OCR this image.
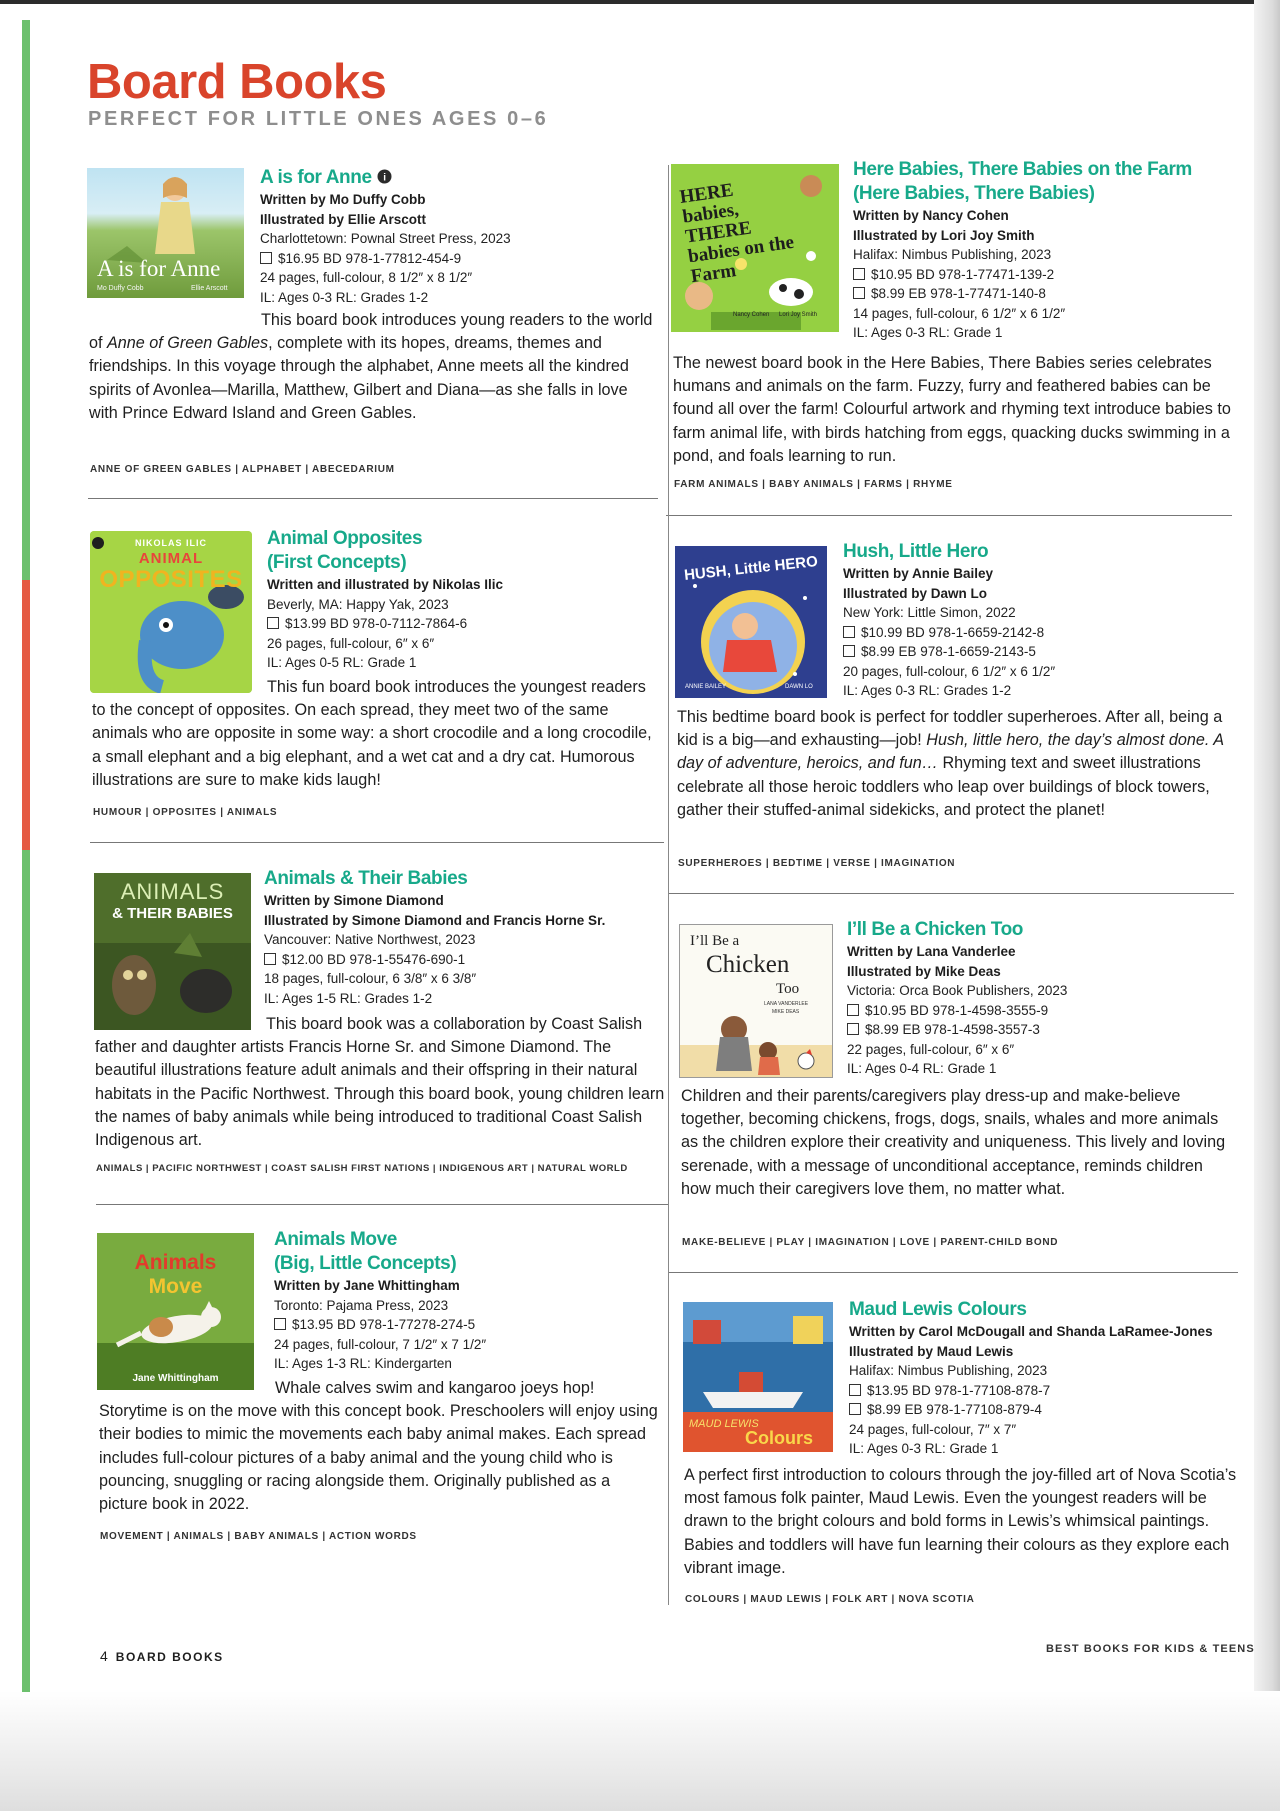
Board Books
PERFECT FOR LITTLE ONES AGES 0–6
A is for Anne
Mo Duffy Cobb	Ellie Arscott
A is for Anne i
Written by Mo Duffy Cobb
Illustrated by Ellie Arscott
Charlottetown: Pownal Street Press, 2023
$16.95 BD 978-1-77812-454-9
24 pages, full-colour, 8 1/2″ x 8 1/2″
IL: Ages 0-3 RL: Grades 1-2
This board book introduces young readers to the world of Anne of Green Gables, complete with its hopes, dreams, themes and friendships. In this voyage through the alphabet, Anne meets all the kindred spirits of Avonlea—Marilla, Matthew, Gilbert and Diana—as she falls in love with Prince Edward Island and Green Gables.
ANNE OF GREEN GABLES | ALPHABET | ABECEDARIUM
HERE babies, THERE babies on the Farm
Nancy Cohen Lori Joy Smith
Here Babies, There Babies on the Farm
(Here Babies, There Babies)
Written by Nancy Cohen
Illustrated by Lori Joy Smith
Halifax: Nimbus Publishing, 2023
$10.95 BD 978-1-77471-139-2
$8.99 EB 978-1-77471-140-8
14 pages, full-colour, 6 1/2″ x 6 1/2″
IL: Ages 0-3 RL: Grade 1
The newest board book in the Here Babies, There Babies series celebrates humans and animals on the farm. Fuzzy, furry and feathered babies can be found all over the farm! Colourful artwork and rhyming text introduce babies to farm animal life, with birds hatching from eggs, quacking ducks swimming in a pond, and foals learning to run.
FARM ANIMALS | BABY ANIMALS | FARMS | RHYME
NIKOLAS ILIC
ANIMAL
OPPOSITES
Animal Opposites
(First Concepts)
Written and illustrated by Nikolas Ilic
Beverly, MA: Happy Yak, 2023
$13.99 BD 978-0-7112-7864-6
26 pages, full-colour, 6″ x 6″
IL: Ages 0-5 RL: Grade 1
This fun board book introduces the youngest readers to the concept of opposites. On each spread, they meet two of the same animals who are opposite in some way: a short crocodile and a long crocodile, a small elephant and a big elephant, and a wet cat and a dry cat. Humorous illustrations are sure to make kids laugh!
HUMOUR | OPPOSITES | ANIMALS
HUSH, Little HERO
ANNIE BAILEY	DAWN LO
Hush, Little Hero
Written by Annie Bailey
Illustrated by Dawn Lo
New York: Little Simon, 2022
$10.99 BD 978-1-6659-2142-8
$8.99 EB 978-1-6659-2143-5
20 pages, full-colour, 6 1/2″ x 6 1/2″
IL: Ages 0-3 RL: Grades 1-2
This bedtime board book is perfect for toddler superheroes. After all, being a kid is a big—and exhausting—job! Hush, little hero, the day’s almost done. A day of adventure, heroics, and fun… Rhyming text and sweet illustrations celebrate all those heroic toddlers who leap over buildings of block towers, gather their stuffed-animal sidekicks, and protect the planet!
SUPERHEROES | BEDTIME | VERSE | IMAGINATION
ANIMALS
& THEIR BABIES
Animals & Their Babies
Written by Simone Diamond
Illustrated by Simone Diamond and Francis Horne Sr.
Vancouver: Native Northwest, 2023
$12.00 BD 978-1-55476-690-1
18 pages, full-colour, 6 3/8″ x 6 3/8″
IL: Ages 1-5 RL: Grades 1-2
This board book was a collaboration by Coast Salish father and daughter artists Francis Horne Sr. and Simone Diamond. The beautiful illustrations feature adult animals and their offspring in their natural habitats in the Pacific Northwest. Through this board book, young children learn the names of baby animals while being introduced to traditional Coast Salish Indigenous art.
ANIMALS | PACIFIC NORTHWEST | COAST SALISH FIRST NATIONS | INDIGENOUS ART | NATURAL WORLD
I’ll Be a
Chicken
Too
LANA VANDERLEE
MIKE DEAS
I’ll Be a Chicken Too
Written by Lana Vanderlee
Illustrated by Mike Deas
Victoria: Orca Book Publishers, 2023
$10.95 BD 978-1-4598-3555-9
$8.99 EB 978-1-4598-3557-3
22 pages, full-colour, 6″ x 6″
IL: Ages 0-4 RL: Grade 1
Children and their parents/caregivers play dress-up and make-believe together, becoming chickens, frogs, dogs, snails, whales and more animals as the children explore their creativity and uniqueness. This lively and loving serenade, with a message of unconditional acceptance, reminds children how much their caregivers love them, no matter what.
MAKE-BELIEVE | PLAY | IMAGINATION | LOVE | PARENT-CHILD BOND
Animals
Move
Jane Whittingham
Animals Move
(Big, Little Concepts)
Written by Jane Whittingham
Toronto: Pajama Press, 2023
$13.95 BD 978-1-77278-274-5
24 pages, full-colour, 7 1/2″ x 7 1/2″
IL: Ages 1-3 RL: Kindergarten
Whale calves swim and kangaroo joeys hop! Storytime is on the move with this concept book. Preschoolers will enjoy using their bodies to mimic the movements each baby animal makes. Each spread includes full-colour pictures of a baby animal and the young child who is pouncing, snuggling or racing alongside them. Originally published as a picture book in 2022.
MOVEMENT | ANIMALS | BABY ANIMALS | ACTION WORDS
MAUD LEWIS
Colours
Maud Lewis Colours
Written by Carol McDougall and Shanda LaRamee-Jones
Illustrated by Maud Lewis
Halifax: Nimbus Publishing, 2023
$13.95 BD 978-1-77108-878-7
$8.99 EB 978-1-77108-879-4
24 pages, full-colour, 7″ x 7″
IL: Ages 0-3 RL: Grade 1
A perfect first introduction to colours through the joy-filled art of Nova Scotia’s most famous folk painter, Maud Lewis. Even the youngest readers will be drawn to the bright colours and bold forms in Lewis’s whimsical paintings. Babies and toddlers will have fun learning their colours as they explore each vibrant image.
COLOURS | MAUD LEWIS | FOLK ART | NOVA SCOTIA
4 BOARD BOOKS
BEST BOOKS FOR KIDS & TEENS
